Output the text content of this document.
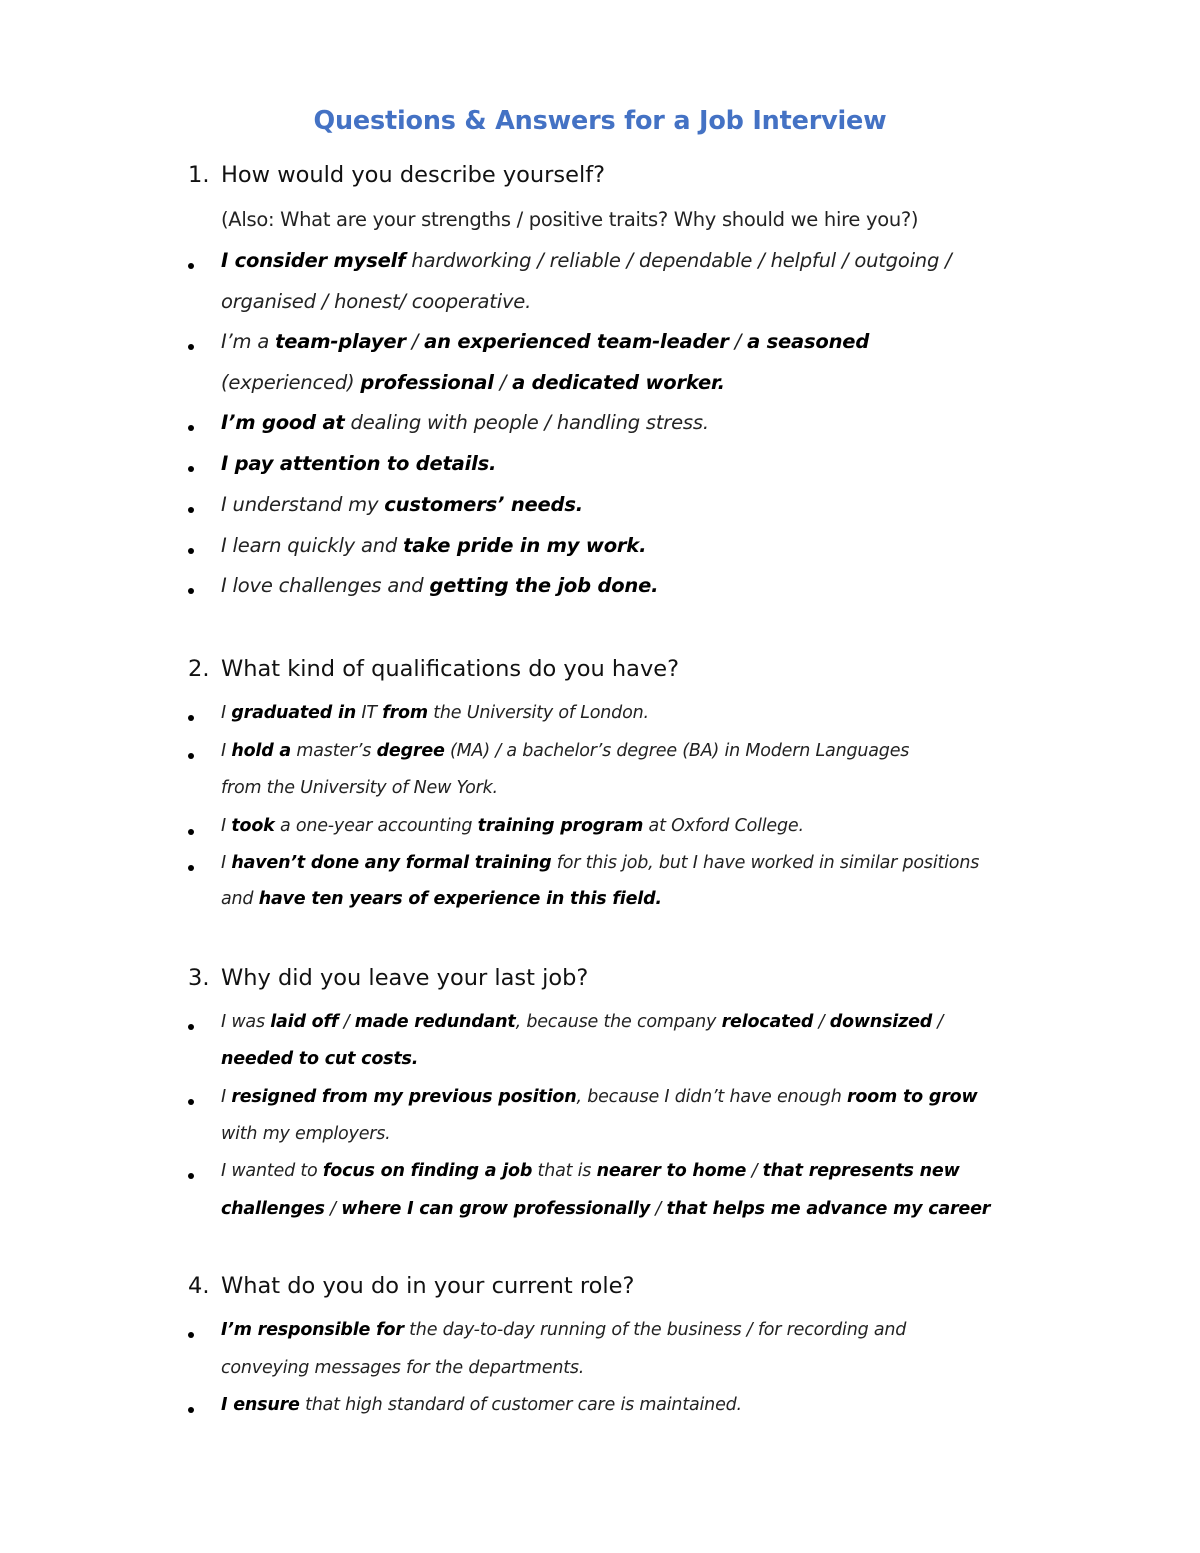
Questions & Answers for a Job Interview
1. How would you describe yourself?
(Also: What are your strengths / positive traits? Why should we hire you?)
I consider myself hardworking / reliable / dependable / helpful / outgoing /
organised / honest/ cooperative.
I’m a team-player / an experienced team-leader / a seasoned
(experienced) professional / a dedicated worker.
I’m good at dealing with people / handling stress.
I pay attention to details.
I understand my customers’ needs.
I learn quickly and take pride in my work.
I love challenges and getting the job done.
2. What kind of qualifications do you have?
I graduated in IT from the University of London.
I hold a master’s degree (MA) / a bachelor’s degree (BA) in Modern Languages
from the University of New York.
I took a one-year accounting training program at Oxford College.
I haven’t done any formal training for this job, but I have worked in similar positions
and have ten years of experience in this field.
3. Why did you leave your last job?
I was laid off / made redundant, because the company relocated / downsized /
needed to cut costs.
I resigned from my previous position, because I didn’t have enough room to grow
with my employers.
I wanted to focus on finding a job that is nearer to home / that represents new
challenges / where I can grow professionally / that helps me advance my career
4. What do you do in your current role?
I’m responsible for the day-to-day running of the business / for recording and
conveying messages for the departments.
I ensure that high standard of customer care is maintained.
